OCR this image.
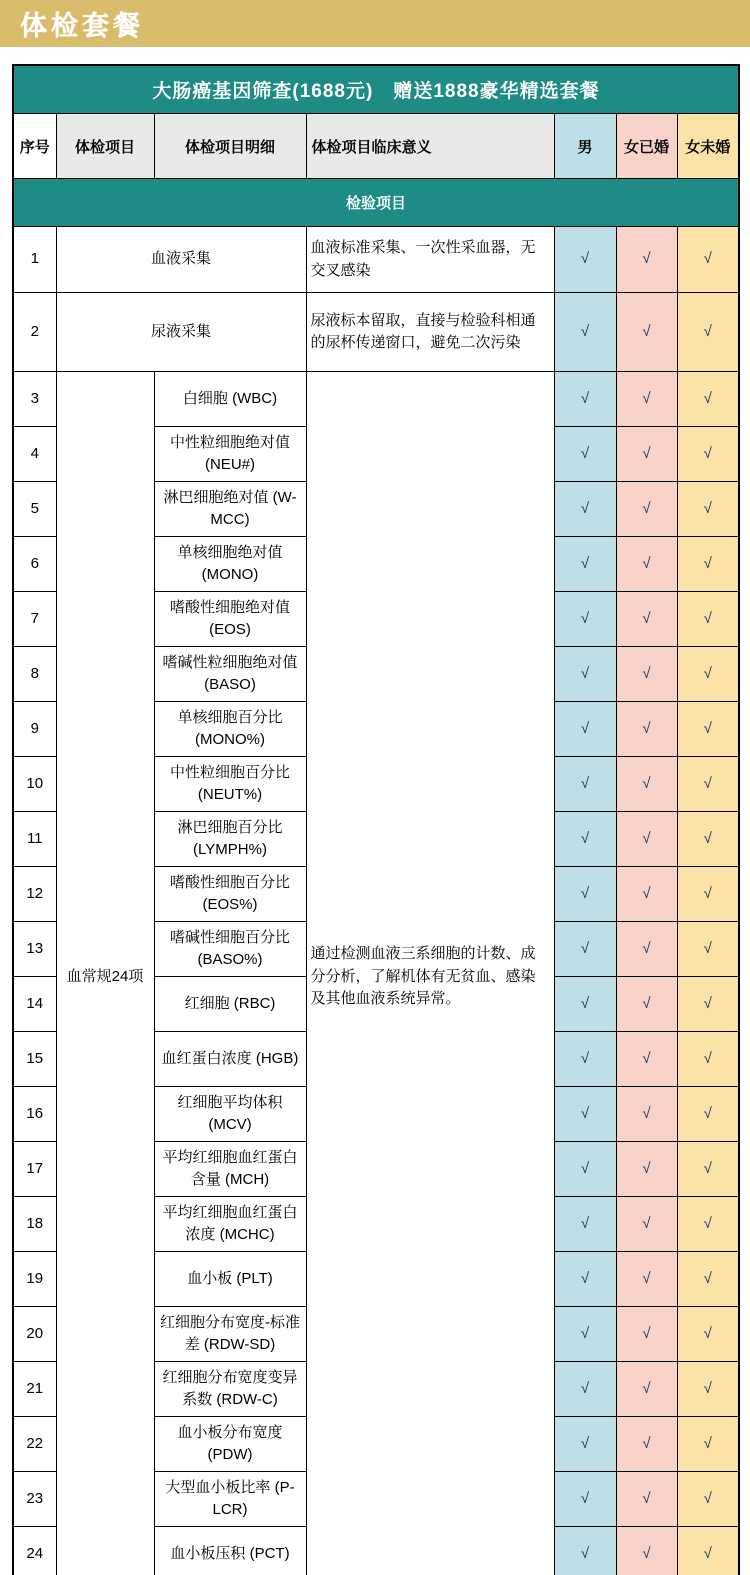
体检套餐
大肠癌基因筛查(1688元)　赠送1888豪华精选套餐						
序号	体检项目	体检项目明细	体检项目临床意义	男	女已婚	女未婚
检验项目						
1	血液采集		血液标准采集、一次性采血器，无交叉感染	√	√	√
2	尿液采集		尿液标本留取，直接与检验科相通的尿杯传递窗口，避免二次污染	√	√	√
3	血常规24项	白细胞 (WBC)	通过检测血液三系细胞的计数、成分分析，了解机体有无贫血、感染及其他血液系统异常。	√	√	√
4		中性粒细胞绝对值 (NEU#)		√	√	√
5		淋巴细胞绝对值 (W-MCC)		√	√	√
6		单核细胞绝对值 (MONO)		√	√	√
7		嗜酸性细胞绝对值 (EOS)		√	√	√
8		嗜碱性粒细胞绝对值 (BASO)		√	√	√
9		单核细胞百分比 (MONO%)		√	√	√
10		中性粒细胞百分比 (NEUT%)		√	√	√
11		淋巴细胞百分比 (LYMPH%)		√	√	√
12		嗜酸性细胞百分比 (EOS%)		√	√	√
13		嗜碱性细胞百分比 (BASO%)		√	√	√
14		红细胞 (RBC)		√	√	√
15		血红蛋白浓度 (HGB)		√	√	√
16		红细胞平均体积 (MCV)		√	√	√
17		平均红细胞血红蛋白含量 (MCH)		√	√	√
18		平均红细胞血红蛋白浓度 (MCHC)		√	√	√
19		血小板 (PLT)		√	√	√
20		红细胞分布宽度-标准差 (RDW-SD)		√	√	√
21		红细胞分布宽度变异系数 (RDW-C)		√	√	√
22		血小板分布宽度 (PDW)		√	√	√
23		大型血小板比率 (P-LCR)		√	√	√
24		血小板压积 (PCT)		√	√	√
